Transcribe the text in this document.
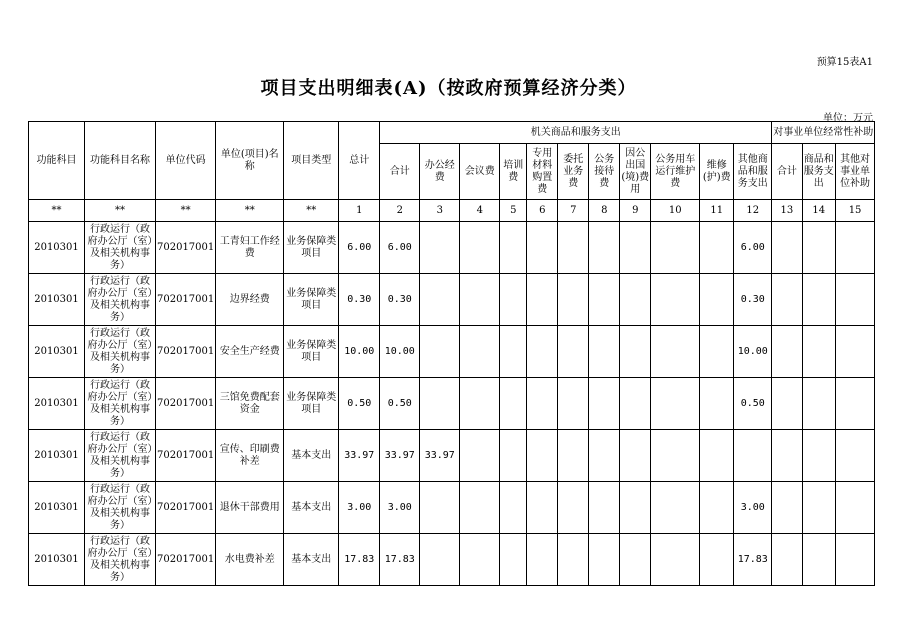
预算15表A1
项目支出明细表(A)（按政府预算经济分类）
单位：万元
功能科目	功能科目名称	单位代码	单位(项目)名称	项目类型	总计	机关商品和服务支出											对事业单位经常性补助		
						合计	办公经费	会议费	培训费	专用材料购置费	委托业务费	公务接待费	因公出国(境)费用	公务用车运行维护费	维修(护)费	其他商品和服务支出	合计	商品和服务支出	其他对事业单位补助
**	**	**	**	**	1	2	3	4	5	6	7	8	9	10	11	12	13	14	15
2010301	行政运行（政府办公厅（室）及相关机构事务）	702017001	工青妇工作经费	业务保障类项目	6.00	6.00										6.00			
2010301	行政运行（政府办公厅（室）及相关机构事务）	702017001	边界经费	业务保障类项目	0.30	0.30										0.30			
2010301	行政运行（政府办公厅（室）及相关机构事务）	702017001	安全生产经费	业务保障类项目	10.00	10.00										10.00			
2010301	行政运行（政府办公厅（室）及相关机构事务）	702017001	三馆免费配套资金	业务保障类项目	0.50	0.50										0.50			
2010301	行政运行（政府办公厅（室）及相关机构事务）	702017001	宣传、印刷费补差	基本支出	33.97	33.97	33.97												
2010301	行政运行（政府办公厅（室）及相关机构事务）	702017001	退休干部费用	基本支出	3.00	3.00										3.00			
2010301	行政运行（政府办公厅（室）及相关机构事务）	702017001	水电费补差	基本支出	17.83	17.83										17.83			
